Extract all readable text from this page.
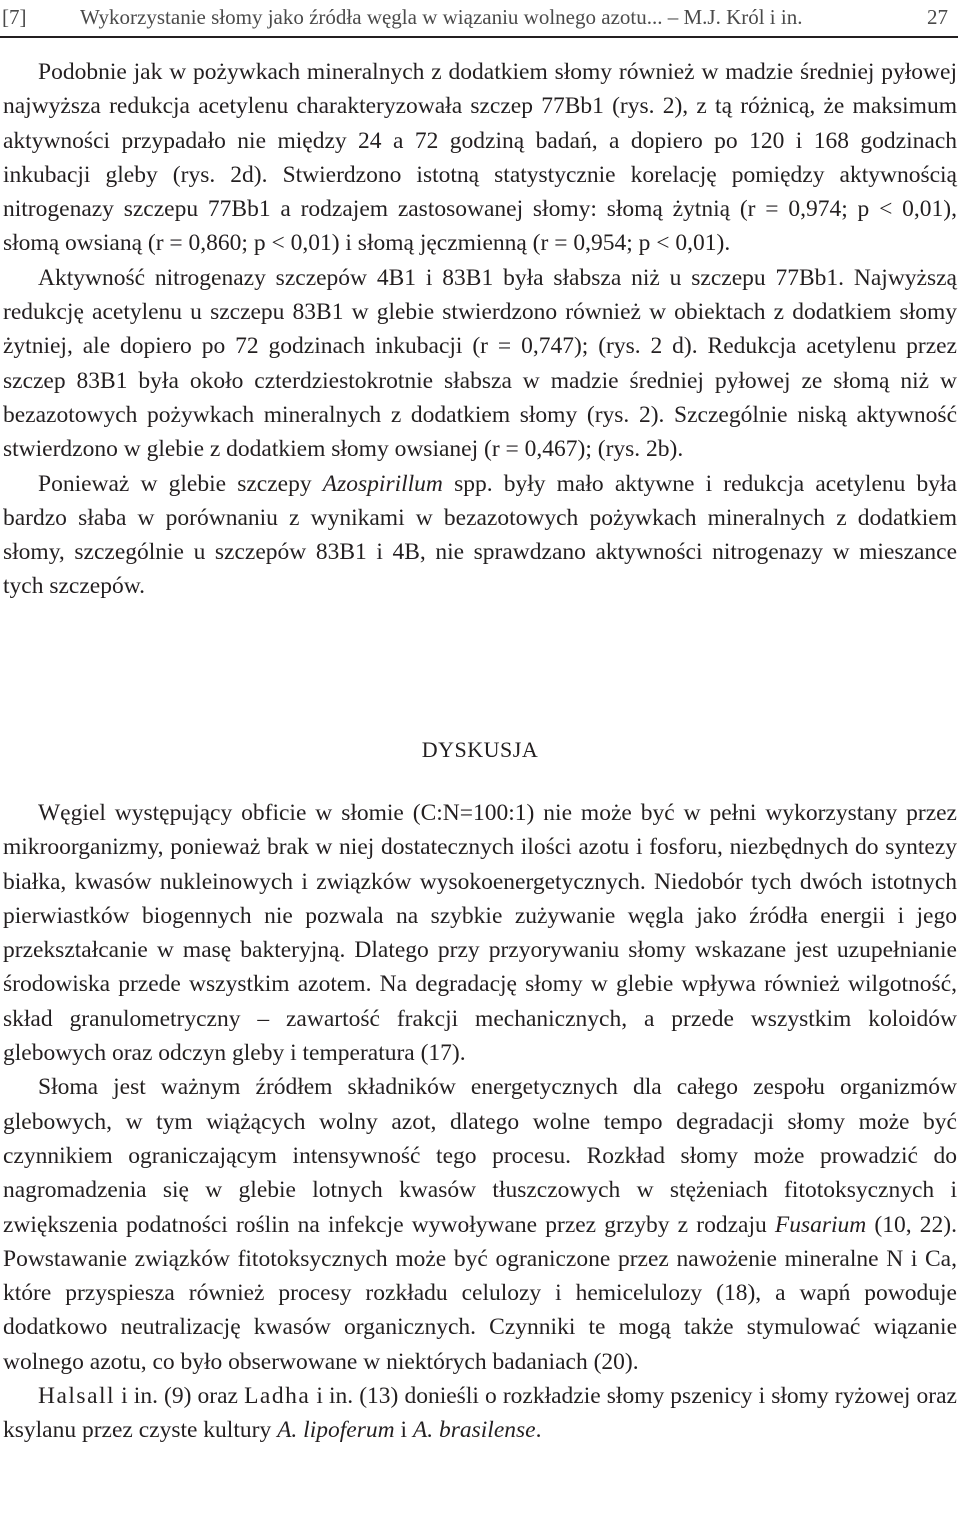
[7]	Wykorzystanie słomy jako źródła węgla w wiązaniu wolnego azotu... – M.J. Król i in.	27

Podobnie jak w pożywkach mineralnych z dodatkiem słomy również w madzie średniej pyłowej najwyższa redukcja acetylenu charakteryzowała szczep 77Bb1 (rys. 2), z tą różnicą, że maksimum aktywności przypadało nie między 24 a 72 godziną badań, a dopiero po 120 i 168 godzinach inkubacji gleby (rys. 2d). Stwierdzono istotną statystycznie korelację pomiędzy aktywnością nitrogenazy szczepu 77Bb1 a rodzajem zastosowanej słomy: słomą żytnią (r = 0,974; p < 0,01), słomą owsianą (r = 0,860; p < 0,01) i słomą jęczmienną (r = 0,954; p < 0,01).

Aktywność nitrogenazy szczepów 4B1 i 83B1 była słabsza niż u szczepu 77Bb1. Najwyższą redukcję acetylenu u szczepu 83B1 w glebie stwierdzono również w obiektach z dodatkiem słomy żytniej, ale dopiero po 72 godzinach inkubacji (r = 0,747); (rys. 2 d). Redukcja acetylenu przez szczep 83B1 była około czterdziestokrotnie słabsza w madzie średniej pyłowej ze słomą niż w bezazotowych pożywkach mineralnych z dodatkiem słomy (rys. 2). Szczególnie niską aktywność stwierdzono w glebie z dodatkiem słomy owsianej (r = 0,467); (rys. 2b).

Ponieważ w glebie szczepy Azospirillum spp. były mało aktywne i redukcja acetylenu była bardzo słaba w porównaniu z wynikami w bezazotowych pożywkach mineralnych z dodatkiem słomy, szczególnie u szczepów 83B1 i 4B, nie sprawdzano aktywności nitrogenazy w mieszance tych szczepów.

DYSKUSJA

Węgiel występujący obficie w słomie (C:N=100:1) nie może być w pełni wykorzystany przez mikroorganizmy, ponieważ brak w niej dostatecznych ilości azotu i fosforu, niezbędnych do syntezy białka, kwasów nukleinowych i związków wysokoenergetycznych. Niedobór tych dwóch istotnych pierwiastków biogennych nie pozwala na szybkie zużywanie węgla jako źródła energii i jego przekształcanie w masę bakteryjną. Dlatego przy przyorywaniu słomy wskazane jest uzupełnianie środowiska przede wszystkim azotem. Na degradację słomy w glebie wpływa również wilgotność, skład granulometryczny – zawartość frakcji mechanicznych, a przede wszystkim koloidów glebowych oraz odczyn gleby i temperatura (17).

Słoma jest ważnym źródłem składników energetycznych dla całego zespołu organizmów glebowych, w tym wiążących wolny azot, dlatego wolne tempo degradacji słomy może być czynnikiem ograniczającym intensywność tego procesu. Rozkład słomy może prowadzić do nagromadzenia się w glebie lotnych kwasów tłuszczowych w stężeniach fitotoksycznych i zwiększenia podatności roślin na infekcje wywoływane przez grzyby z rodzaju Fusarium (10, 22). Powstawanie związków fitotoksycznych może być ograniczone przez nawożenie mineralne N i Ca, które przyspiesza również procesy rozkładu celulozy i hemicelulozy (18), a wapń powoduje dodatkowo neutralizację kwasów organicznych. Czynniki te mogą także stymulować wiązanie wolnego azotu, co było obserwowane w niektórych badaniach (20).

Halsall i in. (9) oraz Ladha i in. (13) donieśli o rozkładzie słomy pszenicy i słomy ryżowej oraz ksylanu przez czyste kultury A. lipoferum i A. brasilense.
